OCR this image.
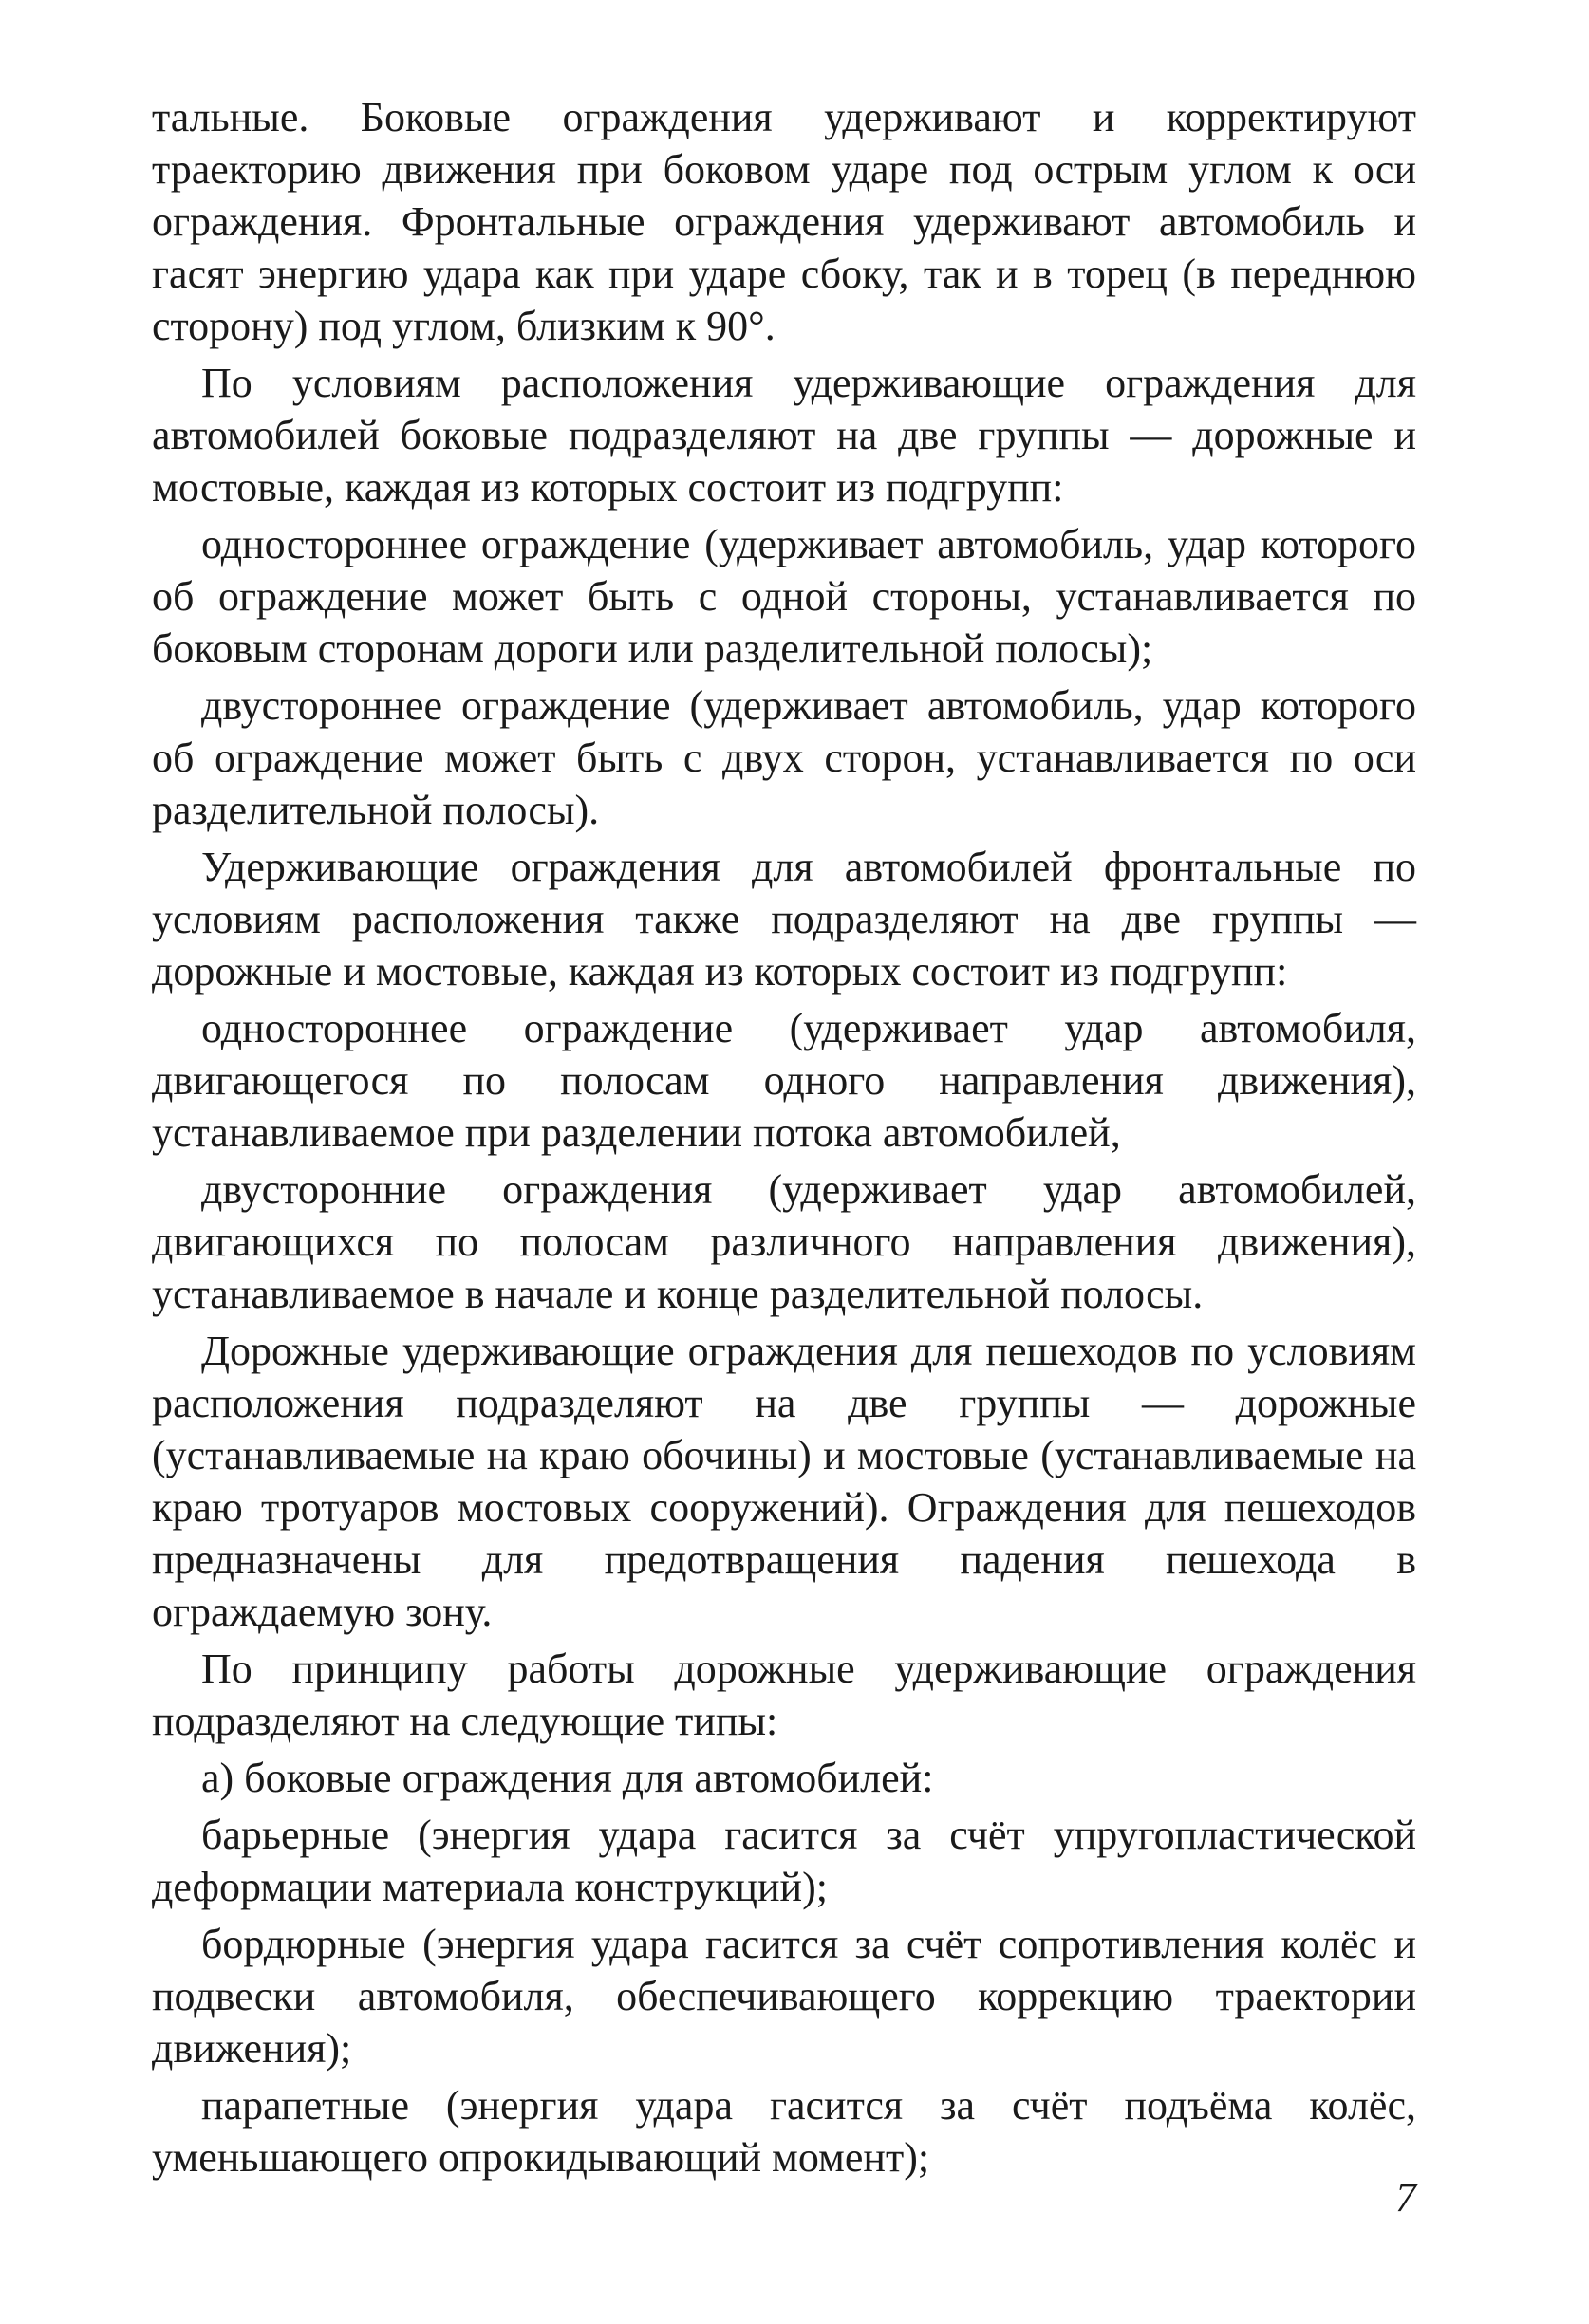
тальные. Боковые ограждения удерживают и корректируют траекторию движения при боковом ударе под острым углом к оси ограждения. Фронтальные ограждения удерживают автомобиль и гасят энергию удара как при ударе сбоку, так и в торец (в переднюю сторону) под углом, близким к 90°.

По условиям расположения удерживающие ограждения для автомобилей боковые подразделяют на две группы — дорожные и мостовые, каждая из которых состоит из подгрупп:

одностороннее ограждение (удерживает автомобиль, удар которого об ограждение может быть с одной стороны, устанавливается по боковым сторонам дороги или разделительной полосы);

двустороннее ограждение (удерживает автомобиль, удар которого об ограждение может быть с двух сторон, устанавливается по оси разделительной полосы).

Удерживающие ограждения для автомобилей фронтальные по условиям расположения также подразделяют на две группы — дорожные и мостовые, каждая из которых состоит из подгрупп:

одностороннее ограждение (удерживает удар автомобиля, двигающегося по полосам одного направления движения), устанавливаемое при разделении потока автомобилей,

двусторонние ограждения (удерживает удар автомобилей, двигающихся по полосам различного направления движения), устанавливаемое в начале и конце разделительной полосы.

Дорожные удерживающие ограждения для пешеходов по условиям расположения подразделяют на две группы — дорожные (устанавливаемые на краю обочины) и мостовые (устанавливаемые на краю тротуаров мостовых сооружений). Ограждения для пешеходов предназначены для предотвращения падения пешехода в ограждаемую зону.

По принципу работы дорожные удерживающие ограждения подразделяют на следующие типы:

а) боковые ограждения для автомобилей:

барьерные (энергия удара гасится за счёт упругопластической деформации материала конструкций);

бордюрные (энергия удара гасится за счёт сопротивления колёс и подвески автомобиля, обеспечивающего коррекцию траектории движения);

парапетные (энергия удара гасится за счёт подъёма колёс, уменьшающего опрокидывающий момент);

7
